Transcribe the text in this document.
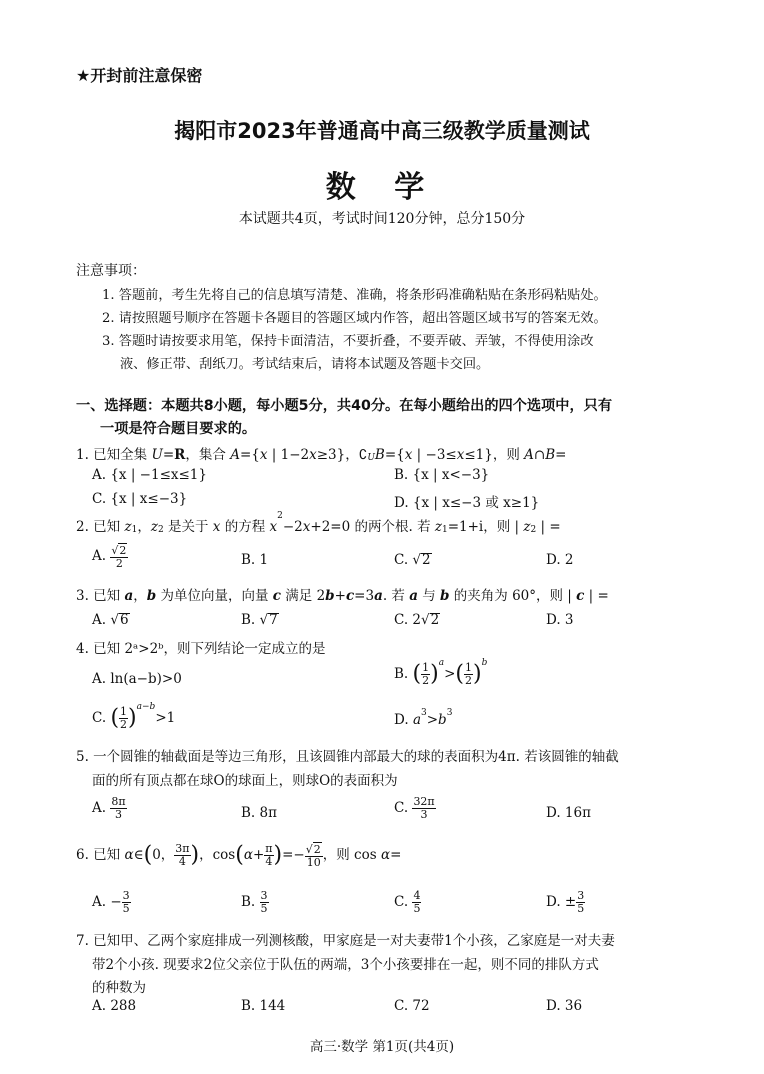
★开封前注意保密
揭阳市2023年普通高中高三级教学质量测试
数 学
本试题共4页，考试时间120分钟，总分150分
注意事项：
1. 答题前，考生先将自己的信息填写清楚、准确，将条形码准确粘贴在条形码粘贴处。
2. 请按照题号顺序在答题卡各题目的答题区域内作答，超出答题区域书写的答案无效。
3. 答题时请按要求用笔，保持卡面清洁，不要折叠，不要弄破、弄皱，不得使用涂改
液、修正带、刮纸刀。考试结束后，请将本试题及答题卡交回。
一、选择题：本题共8小题，每小题5分，共40分。在每小题给出的四个选项中，只有
一项是符合题目要求的。
1. 已知全集 U=R，集合 A={x | 1−2x≥3}，∁UB={x | −3≤x≤1}，则 A∩B=
A. {x | −1≤x≤1}	B. {x | x<−3}
C. {x | x≤−3}	D. {x | x≤−3 或 x≥1}
2. 已知 z1，z2 是关于 x 的方程 $x^2-2x+2=0$ 的两个根. 若 z1=1+i，则 | z2 | =
A. $\frac{√2}{2}$	B. 1	C. √2	D. 2
3. 已知 a，b 为单位向量，向量 c 满足 2b+c=3a. 若 a 与 b 的夹角为 60°，则 | c | =
A. √6	B. √7	C. 2√2	D. 3
4. 已知 2ᵃ>2ᵇ，则下列结论一定成立的是
A. ln(a−b)>0	B. ( $\frac{1}{2} )^a>( \frac{1}{2} )^b$
C. ( $\frac{1}{2} )^{a-b}>1$	D. $a^3>b^3$
5. 一个圆锥的轴截面是等边三角形，且该圆锥内部最大的球的表面积为4π. 若该圆锥的轴截
面的所有顶点都在球O的球面上，则球O的表面积为
A. $\frac{8\pi}{3}$	B. 8π	C. $\frac{32\pi}{3}$	D. 16π
6. 已知 α∈(0， $\frac{3\pi}{4}$ )，$\cos(\alpha+ \frac{\pi}{4}$ )=− $\frac{√2}{10}$ ，则 cos α=
A. − $\frac{3}{5}$	B. $\frac{3}{5}$	C. $\frac{4}{5}$	D. ± $\frac{3}{5}$
7. 已知甲、乙两个家庭排成一列测核酸，甲家庭是一对夫妻带1个小孩，乙家庭是一对夫妻
带2个小孩. 现要求2位父亲位于队伍的两端，3个小孩要排在一起，则不同的排队方式
的种数为
A. 288	B. 144	C. 72	D. 36
高三·数学 第1页(共4页)
